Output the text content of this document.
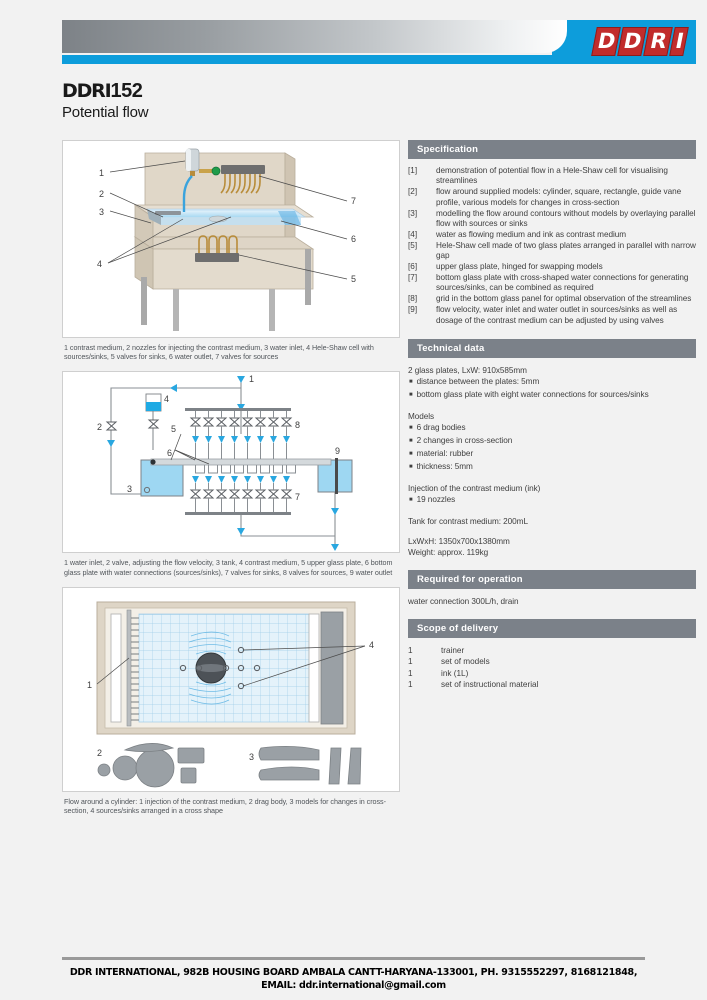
D D R I
DDRI152
Potential flow
1
2
3
4
7
6
5
1 contrast medium, 2 nozzles for injecting the contrast medium, 3 water inlet, 4 Hele-Shaw cell with sources/sinks, 5 valves for sinks, 6 water outlet, 7 valves for sources
1
2
3
4
5
6
7
8
9
1 water inlet, 2 valve, adjusting the flow velocity, 3 tank, 4 contrast medium, 5 upper glass plate, 6 bottom glass plate with water connections (sources/sinks), 7 valves for sinks, 8 valves for sources, 9 water outlet
1
2	3
4
Flow around a cylinder: 1 injection of the contrast medium, 2 drag body, 3 models for changes in cross-section, 4 sources/sinks arranged in a cross shape
Specification
[1]	demonstration of potential flow in a Hele-Shaw cell for visualising streamlines
[2]	flow around supplied models: cylinder, square, rectangle, guide vane profile, various models for changes in cross-section
[3]	modelling the flow around contours without models by overlaying parallel flow with sources or sinks
[4]	water as flowing medium and ink as contrast medium
[5]	Hele-Shaw cell made of two glass plates arranged in parallel with narrow gap
[6]	upper glass plate, hinged for swapping models
[7]	bottom glass plate with cross-shaped water connections for generating sources/sinks, can be combined as required
[8]	grid in the bottom glass panel for optimal observation of the streamlines
[9]	flow velocity, water inlet and water outlet in sources/sinks as well as dosage of the contrast medium can be adjusted by using valves
Technical data
2 glass plates, LxW: 910x585mm
■ distance between the plates: 5mm
■ bottom glass plate with eight water connections for sources/sinks
Models
■ 6 drag bodies
■ 2 changes in cross-section
■ material: rubber
■ thickness: 5mm
Injection of the contrast medium (ink)
■ 19 nozzles
Tank for contrast medium: 200mL
LxWxH: 1350x700x1380mm
Weight: approx. 119kg
Required for operation
water connection 300L/h, drain
Scope of delivery
1	trainer
1	set of models
1	ink (1L)
1	set of instructional material
DDR INTERNATIONAL, 982B HOUSING BOARD AMBALA CANTT-HARYANA-133001, PH. 9315552297, 8168121848,
EMAIL: ddr.international@gmail.com
